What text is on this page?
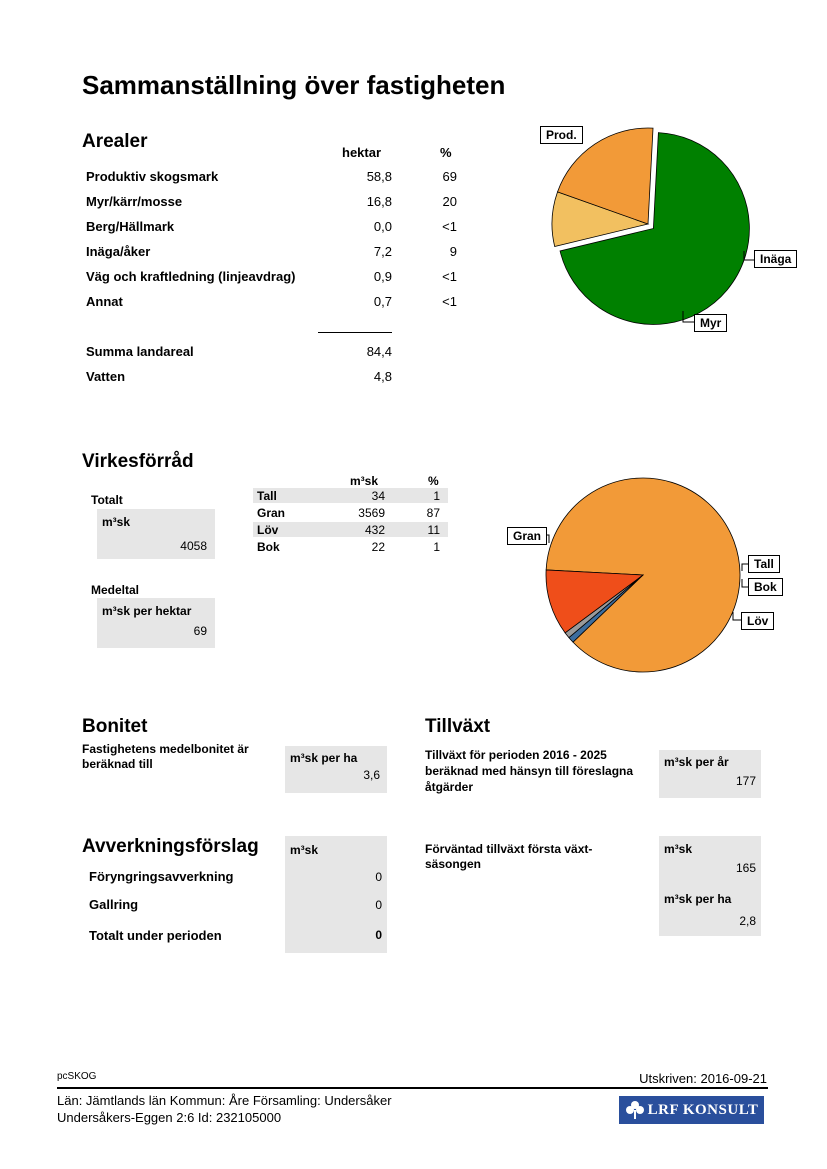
Sammanställning över fastigheten
Arealer
hektar	%
Produktiv skogsmark	58,8	69
Myr/kärr/mosse	16,8	20
Berg/Hällmark	0,0	<1
Inäga/åker	7,2	9
Väg och kraftledning (linjeavdrag)	0,9	<1
Annat	0,7	<1
Summa landareal	84,4
Vatten	4,8
Prod.
Inäga
Myr
Virkesförråd
Totalt
m³sk
4058
Medeltal
m³sk per hektar
69
m³sk	%
Tall	34	1
Gran	3569	87
Löv	432	11
Bok	22	1
Gran
Tall
Bok
Löv
Bonitet
Fastighetens medelbonitet är beräknad till	m³sk per ha
3,6
Tillväxt
Tillväxt för perioden 2016 - 2025 beräknad med hänsyn till föreslagna åtgärder
m³sk per år
177
Förväntad tillväxt första växt-säsongen
m³sk
165
m³sk per ha
2,8
Avverkningsförslag	m³sk
Föryngringsavverkning	0
Gallring	0
Totalt under perioden	0
pcSKOG	Utskriven: 2016-09-21
Län: Jämtlands län Kommun: Åre Församling: Undersåker
Undersåkers-Eggen 2:6 Id: 232105000	LRF KONSULT
